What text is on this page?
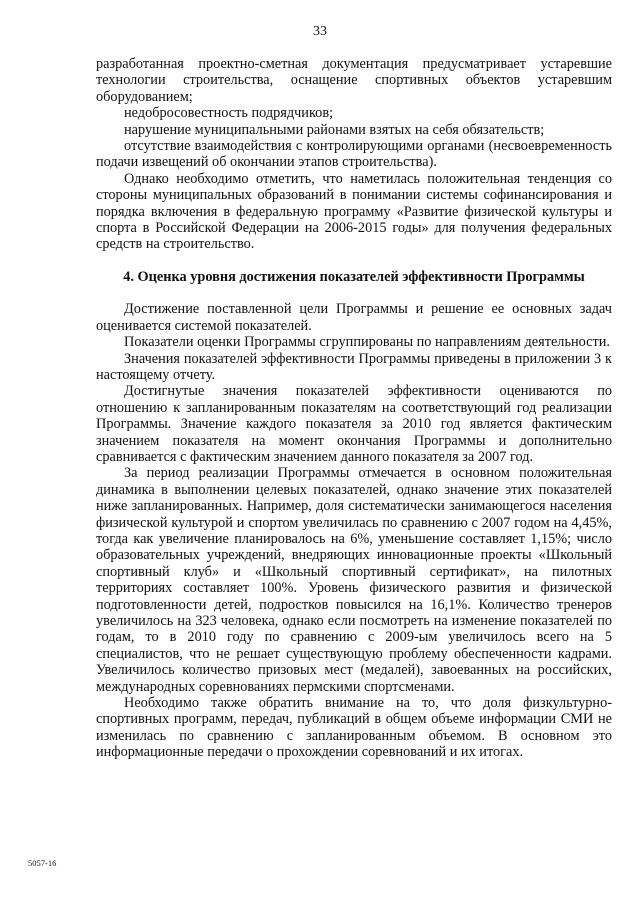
33

разработанная проектно-сметная документация предусматривает устаревшие технологии строительства, оснащение спортивных объектов устаревшим оборудованием;

недобросовестность подрядчиков;

нарушение муниципальными районами взятых на себя обязательств;

отсутствие взаимодействия с контролирующими органами (несвоевременность подачи извещений об окончании этапов строительства).

Однако необходимо отметить, что наметилась положительная тенденция со стороны муниципальных образований в понимании системы софинансирования и порядка включения в федеральную программу «Развитие физической культуры и спорта в Российской Федерации на 2006-2015 годы» для получения федеральных средств на строительство.

4. Оценка уровня достижения показателей эффективности Программы

Достижение поставленной цели Программы и решение ее основных задач оценивается системой показателей.

Показатели оценки Программы сгруппированы по направлениям деятельности.

Значения показателей эффективности Программы приведены в приложении 3 к настоящему отчету.

Достигнутые значения показателей эффективности оцениваются по отношению к запланированным показателям на соответствующий год реализации Программы. Значение каждого показателя за 2010 год является фактическим значением показателя на момент окончания Программы и дополнительно сравнивается с фактическим значением данного показателя за 2007 год.

За период реализации Программы отмечается в основном положительная динамика в выполнении целевых показателей, однако значение этих показателей ниже запланированных. Например, доля систематически занимающегося населения физической культурой и спортом увеличилась по сравнению с 2007 годом на 4,45%, тогда как увеличение планировалось на 6%, уменьшение составляет 1,15%; число образовательных учреждений, внедряющих инновационные проекты «Школьный спортивный клуб» и «Школьный спортивный сертификат», на пилотных территориях составляет 100%. Уровень физического развития и физической подготовленности детей, подростков повысился на 16,1%. Количество тренеров увеличилось на 323 человека, однако если посмотреть на изменение показателей по годам, то в 2010 году по сравнению с 2009-ым увеличилось всего на 5 специалистов, что не решает существующую проблему обеспеченности кадрами. Увеличилось количество призовых мест (медалей), завоеванных на российских, международных соревнованиях пермскими спортсменами.

Необходимо также обратить внимание на то, что доля физкультурно-спортивных программ, передач, публикаций в общем объеме информации СМИ не изменилась по сравнению с запланированным объемом. В основном это информационные передачи о прохождении соревнований и их итогах.

5057-16
